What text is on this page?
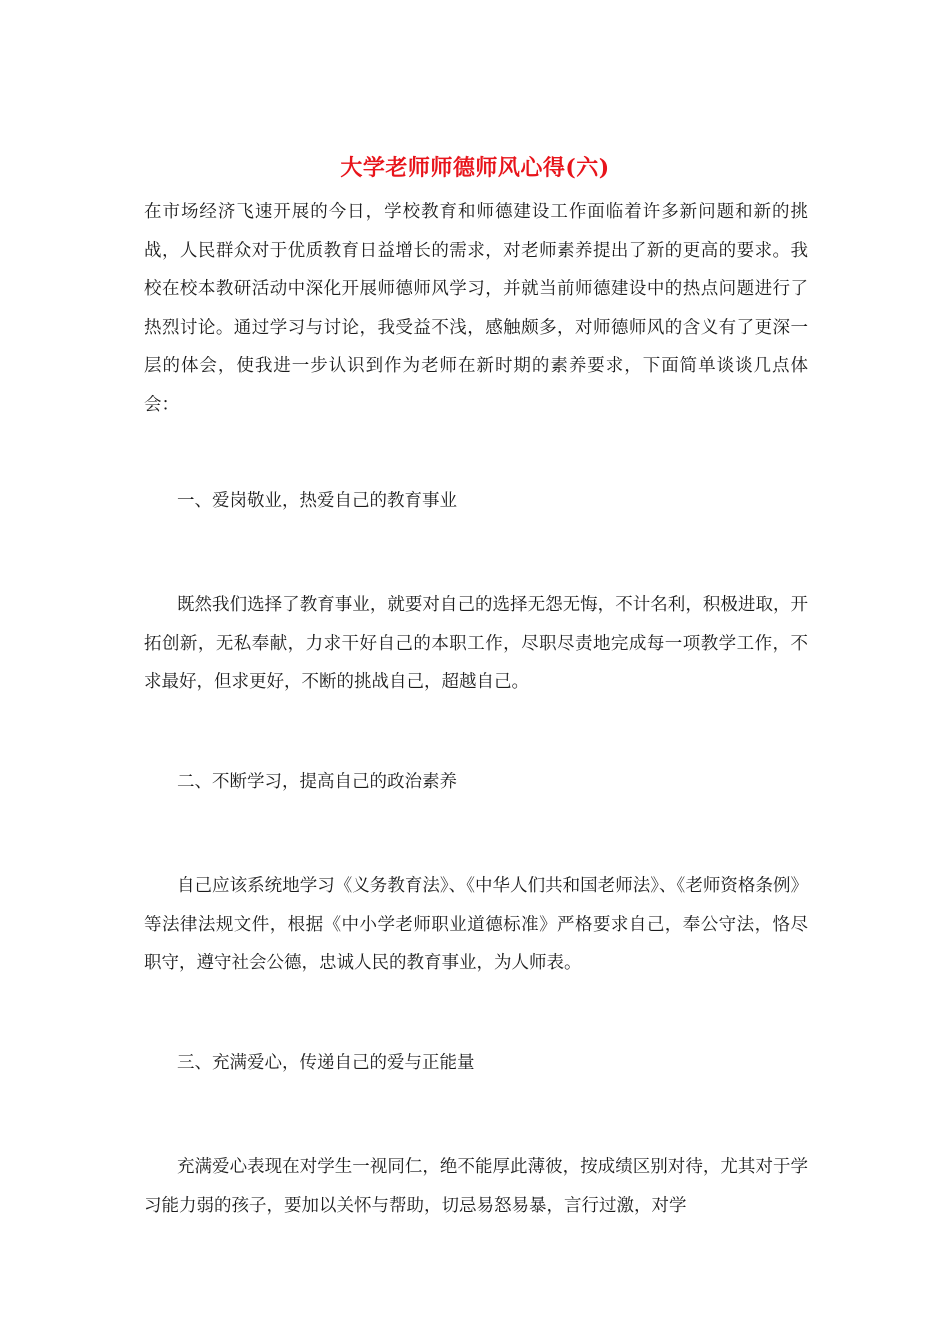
大学老师师德师风心得(六)

在市场经济飞速开展的今日，学校教育和师德建设工作面临着许多新问题和新的挑战，人民群众对于优质教育日益增长的需求，对老师素养提出了新的更高的要求。我校在校本教研活动中深化开展师德师风学习，并就当前师德建设中的热点问题进行了热烈讨论。通过学习与讨论，我受益不浅，感触颇多，对师德师风的含义有了更深一层的体会，使我进一步认识到作为老师在新时期的素养要求，下面简单谈谈几点体会：

一、爱岗敬业，热爱自己的教育事业

既然我们选择了教育事业，就要对自己的选择无怨无悔，不计名利，积极进取，开拓创新，无私奉献，力求干好自己的本职工作，尽职尽责地完成每一项教学工作，不求最好，但求更好，不断的挑战自己，超越自己。

二、不断学习，提高自己的政治素养

自己应该系统地学习《义务教育法》、《中华人们共和国老师法》、《老师资格条例》等法律法规文件，根据《中小学老师职业道德标准》严格要求自己，奉公守法，恪尽职守，遵守社会公德，忠诚人民的教育事业，为人师表。

三、充满爱心，传递自己的爱与正能量

充满爱心表现在对学生一视同仁，绝不能厚此薄彼，按成绩区别对待，尤其对于学习能力弱的孩子，要加以关怀与帮助，切忌易怒易暴，言行过激，对学
